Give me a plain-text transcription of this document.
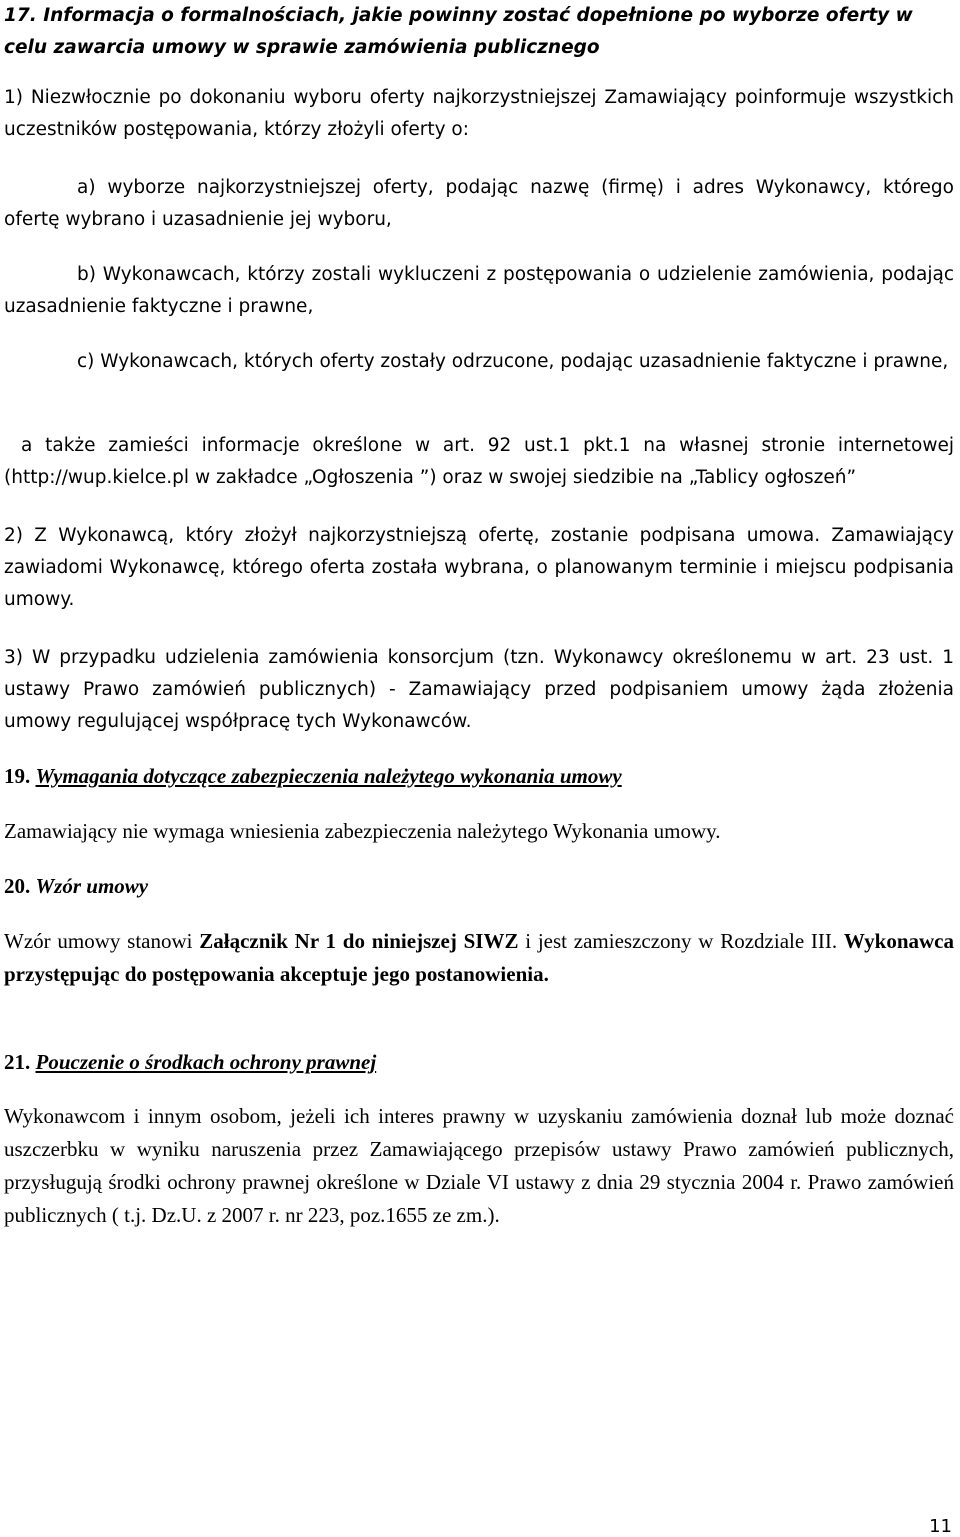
17. Informacja o formalnościach, jakie powinny zostać dopełnione po wyborze oferty w celu zawarcia umowy w sprawie zamówienia publicznego

1) Niezwłocznie po dokonaniu wyboru oferty najkorzystniejszej Zamawiający poinformuje wszystkich uczestników postępowania, którzy złożyli oferty o:

a) wyborze najkorzystniejszej oferty, podając nazwę (firmę) i adres Wykonawcy, którego ofertę wybrano i uzasadnienie jej wyboru,

b) Wykonawcach, którzy zostali wykluczeni z postępowania o udzielenie zamówienia, podając uzasadnienie faktyczne i prawne,

c) Wykonawcach, których oferty zostały odrzucone, podając uzasadnienie faktyczne i prawne,

a także zamieści informacje określone w art. 92 ust.1 pkt.1 na własnej stronie internetowej (http://wup.kielce.pl w zakładce „Ogłoszenia ”) oraz w swojej siedzibie na „Tablicy ogłoszeń”

2) Z Wykonawcą, który złożył najkorzystniejszą ofertę, zostanie podpisana umowa. Zamawiający zawiadomi Wykonawcę, którego oferta została wybrana, o planowanym terminie i miejscu podpisania umowy.

3) W przypadku udzielenia zamówienia konsorcjum (tzn. Wykonawcy określonemu w art. 23 ust. 1 ustawy Prawo zamówień publicznych) - Zamawiający przed podpisaniem umowy żąda złożenia umowy regulującej współpracę tych Wykonawców.

19. Wymagania dotyczące zabezpieczenia należytego wykonania umowy

Zamawiający nie wymaga wniesienia zabezpieczenia należytego Wykonania umowy.

20. Wzór umowy

Wzór umowy stanowi Załącznik Nr 1 do niniejszej SIWZ i jest zamieszczony w Rozdziale III. Wykonawca przystępując do postępowania akceptuje jego postanowienia.

21. Pouczenie o środkach ochrony prawnej

Wykonawcom i innym osobom, jeżeli ich interes prawny w uzyskaniu zamówienia doznał lub może doznać uszczerbku w wyniku naruszenia przez Zamawiającego przepisów ustawy Prawo zamówień publicznych, przysługują środki ochrony prawnej określone w Dziale VI ustawy z dnia 29 stycznia 2004 r. Prawo zamówień publicznych ( t.j. Dz.U. z 2007 r. nr 223, poz.1655 ze zm.).

11
